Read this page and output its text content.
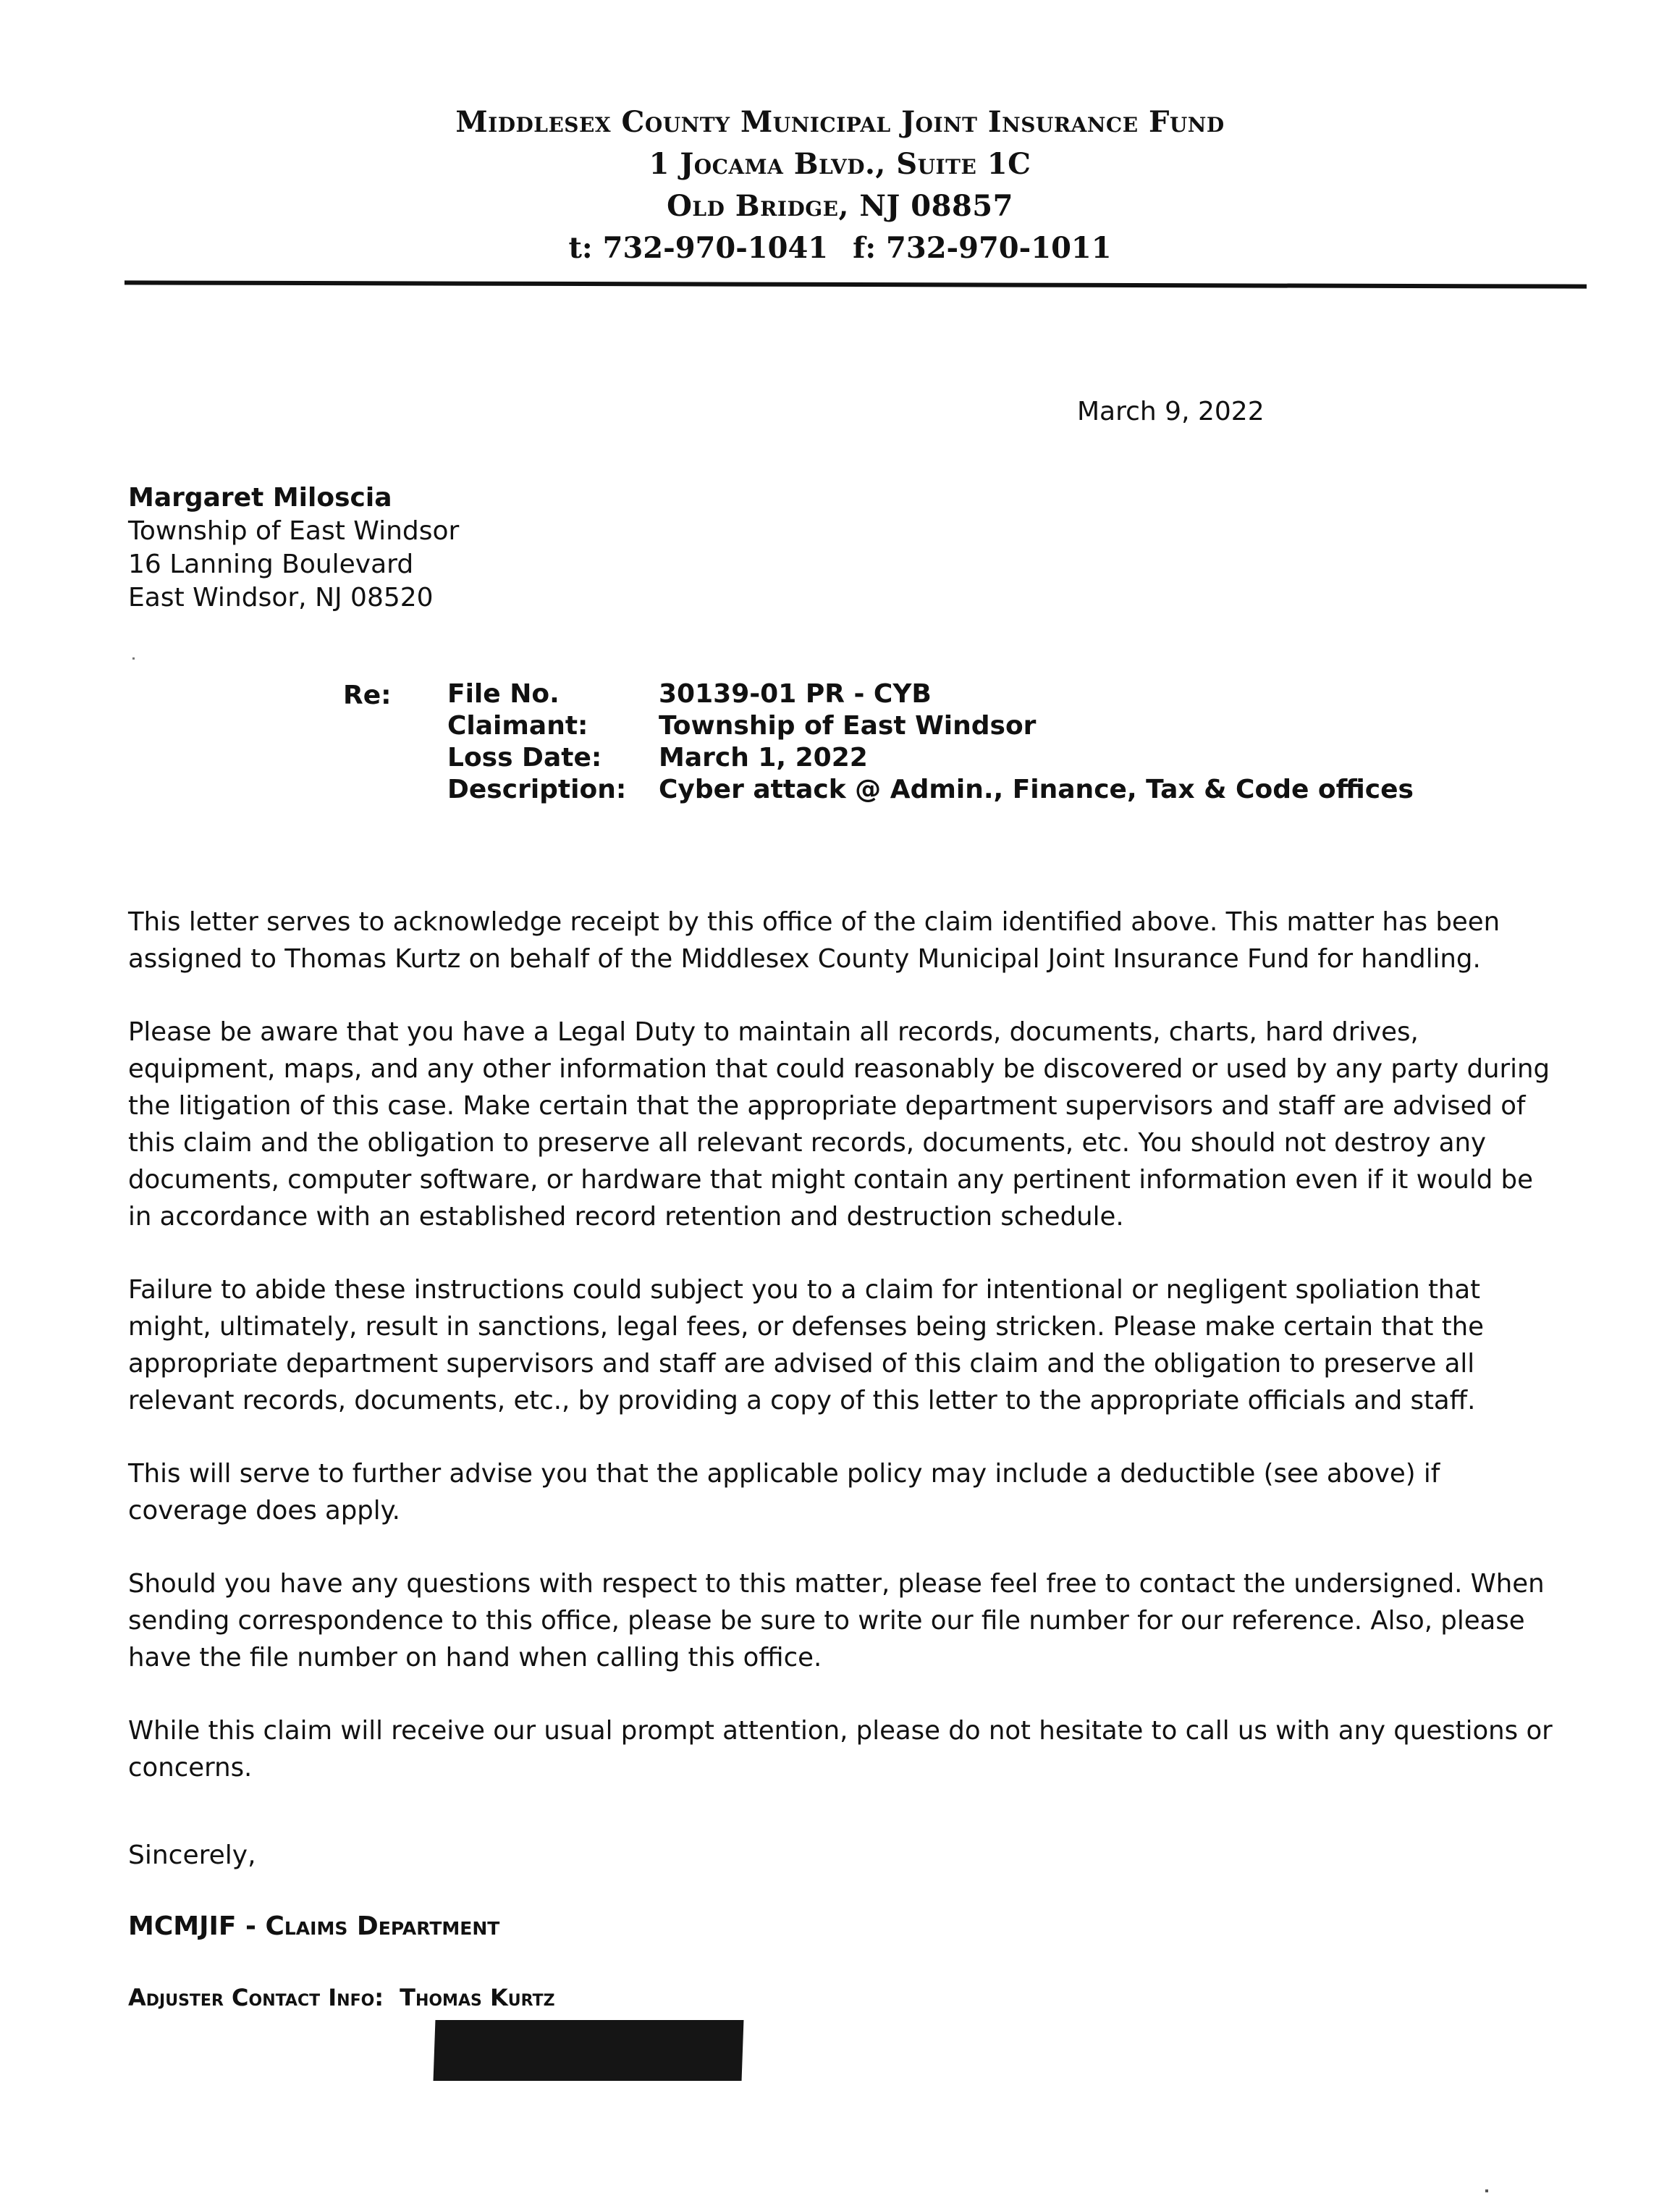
Middlesex County Municipal Joint Insurance Fund
1 Jocama Blvd., Suite 1C
Old Bridge, NJ 08857
t: 732-970-1041 f: 732-970-1011
March 9, 2022
Margaret Miloscia
Township of East Windsor
16 Lanning Boulevard
East Windsor, NJ 08520
Re: File No.	30139-01 PR - CYB
Claimant:	Township of East Windsor
Loss Date:	March 1, 2022
Description:	Cyber attack @ Admin., Finance, Tax & Code offices

This letter serves to acknowledge receipt by this office of the claim identified above. This matter has been assigned to Thomas Kurtz on behalf of the Middlesex County Municipal Joint Insurance Fund for handling.

Please be aware that you have a Legal Duty to maintain all records, documents, charts, hard drives, equipment, maps, and any other information that could reasonably be discovered or used by any party during the litigation of this case. Make certain that the appropriate department supervisors and staff are advised of this claim and the obligation to preserve all relevant records, documents, etc. You should not destroy any documents, computer software, or hardware that might contain any pertinent information even if it would be in accordance with an established record retention and destruction schedule.

Failure to abide these instructions could subject you to a claim for intentional or negligent spoliation that might, ultimately, result in sanctions, legal fees, or defenses being stricken. Please make certain that the appropriate department supervisors and staff are advised of this claim and the obligation to preserve all relevant records, documents, etc., by providing a copy of this letter to the appropriate officials and staff.

This will serve to further advise you that the applicable policy may include a deductible (see above) if coverage does apply.

Should you have any questions with respect to this matter, please feel free to contact the undersigned. When sending correspondence to this office, please be sure to write our file number for our reference. Also, please have the file number on hand when calling this office.

While this claim will receive our usual prompt attention, please do not hesitate to call us with any questions or concerns.

Sincerely,
MCMJIF - Claims Department
Adjuster Contact Info: Thomas Kurtz
